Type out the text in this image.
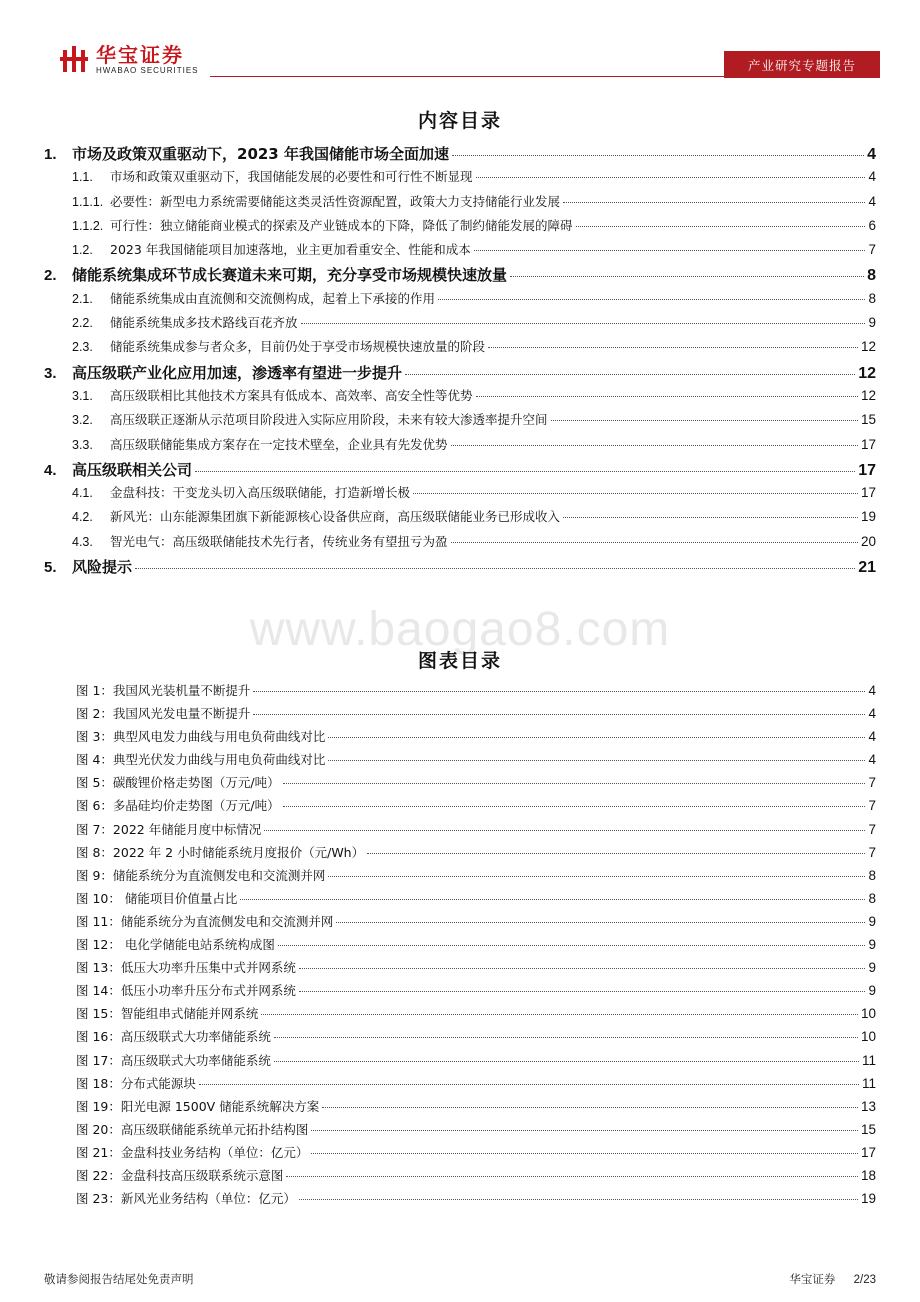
华宝证券
HWABAO SECURITIES	产业研究专题报告
内容目录
1.	市场及政策双重驱动下，2023 年我国储能市场全面加速	4
1.1.	市场和政策双重驱动下，我国储能发展的必要性和可行性不断显现	4
1.1.1. 必要性：新型电力系统需要储能这类灵活性资源配置，政策大力支持储能行业发展	4
1.1.2. 可行性：独立储能商业模式的探索及产业链成本的下降，降低了制约储能发展的障碍	6
1.2.	2023 年我国储能项目加速落地，业主更加看重安全、性能和成本	7
2.	储能系统集成环节成长赛道未来可期，充分享受市场规模快速放量	8
2.1.	储能系统集成由直流侧和交流侧构成，起着上下承接的作用	8
2.2.	储能系统集成多技术路线百花齐放	9
2.3.	储能系统集成参与者众多，目前仍处于享受市场规模快速放量的阶段	12
3.	高压级联产业化应用加速，渗透率有望进一步提升	12
3.1.	高压级联相比其他技术方案具有低成本、高效率、高安全性等优势	12
3.2.	高压级联正逐渐从示范项目阶段进入实际应用阶段，未来有较大渗透率提升空间	15
3.3.	高压级联储能集成方案存在一定技术壁垒，企业具有先发优势	17
4.	高压级联相关公司	17
4.1.	金盘科技：干变龙头切入高压级联储能，打造新增长极	17
4.2.	新风光：山东能源集团旗下新能源核心设备供应商，高压级联储能业务已形成收入	19
4.3.	智光电气：高压级联储能技术先行者，传统业务有望扭亏为盈	20
5.	风险提示	21
www.baogao8.com
图表目录
图 1：我国风光装机量不断提升	4
图 2：我国风光发电量不断提升	4
图 3：典型风电发力曲线与用电负荷曲线对比	4
图 4：典型光伏发力曲线与用电负荷曲线对比	4
图 5：碳酸锂价格走势图（万元/吨）	7
图 6：多晶硅均价走势图（万元/吨）	7
图 7：2022 年储能月度中标情况	7
图 8：2022 年 2 小时储能系统月度报价（元/Wh）	7
图 9：储能系统分为直流侧发电和交流测并网	8
图 10： 储能项目价值量占比	8
图 11：储能系统分为直流侧发电和交流测并网	9
图 12： 电化学储能电站系统构成图	9
图 13：低压大功率升压集中式并网系统	9
图 14：低压小功率升压分布式并网系统	9
图 15：智能组串式储能并网系统	10
图 16：高压级联式大功率储能系统	10
图 17：高压级联式大功率储能系统	11
图 18：分布式能源块	11
图 19：阳光电源 1500V 储能系统解决方案	13
图 20：高压级联储能系统单元拓扑结构图	15
图 21：金盘科技业务结构（单位：亿元）	17
图 22：金盘科技高压级联系统示意图	18
图 23：新风光业务结构（单位：亿元）	19
敬请参阅报告结尾处免责声明	华宝证券 2/23
